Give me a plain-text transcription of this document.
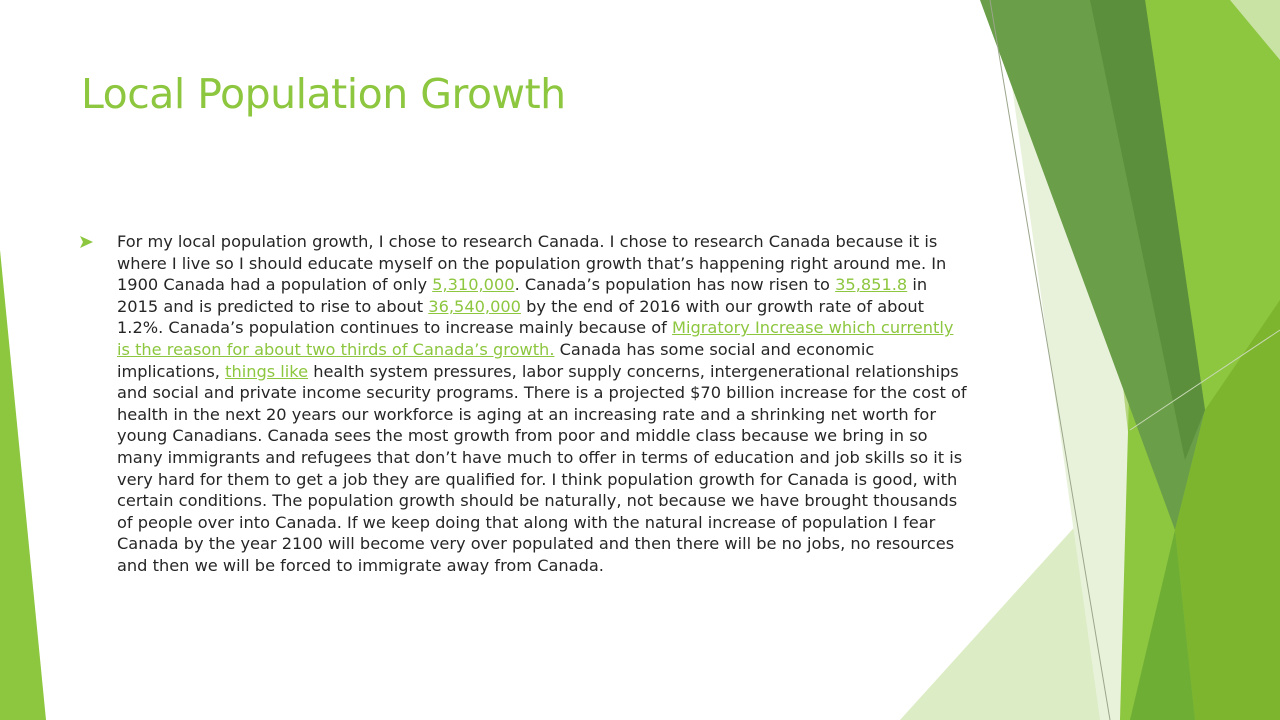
Local Population Growth

For my local population growth, I chose to research Canada. I chose to research Canada because it is where I live so I should educate myself on the population growth that’s happening right around me. In 1900 Canada had a population of only 5,310,000. Canada’s population has now risen to 35,851.8 in 2015 and is predicted to rise to about 36,540,000 by the end of 2016 with our growth rate of about 1.2%. Canada’s population continues to increase mainly because of Migratory Increase which currently is the reason for about two thirds of Canada’s growth. Canada has some social and economic implications, things like health system pressures, labor supply concerns, intergenerational relationships and social and private income security programs. There is a projected $70 billion increase for the cost of health in the next 20 years our workforce is aging at an increasing rate and a shrinking net worth for young Canadians. Canada sees the most growth from poor and middle class because we bring in so many immigrants and refugees that don’t have much to offer in terms of education and job skills so it is very hard for them to get a job they are qualified for. I think population growth for Canada is good, with certain conditions. The population growth should be naturally, not because we have brought thousands of people over into Canada. If we keep doing that along with the natural increase of population I fear Canada by the year 2100 will become very over populated and then there will be no jobs, no resources and then we will be forced to immigrate away from Canada.
